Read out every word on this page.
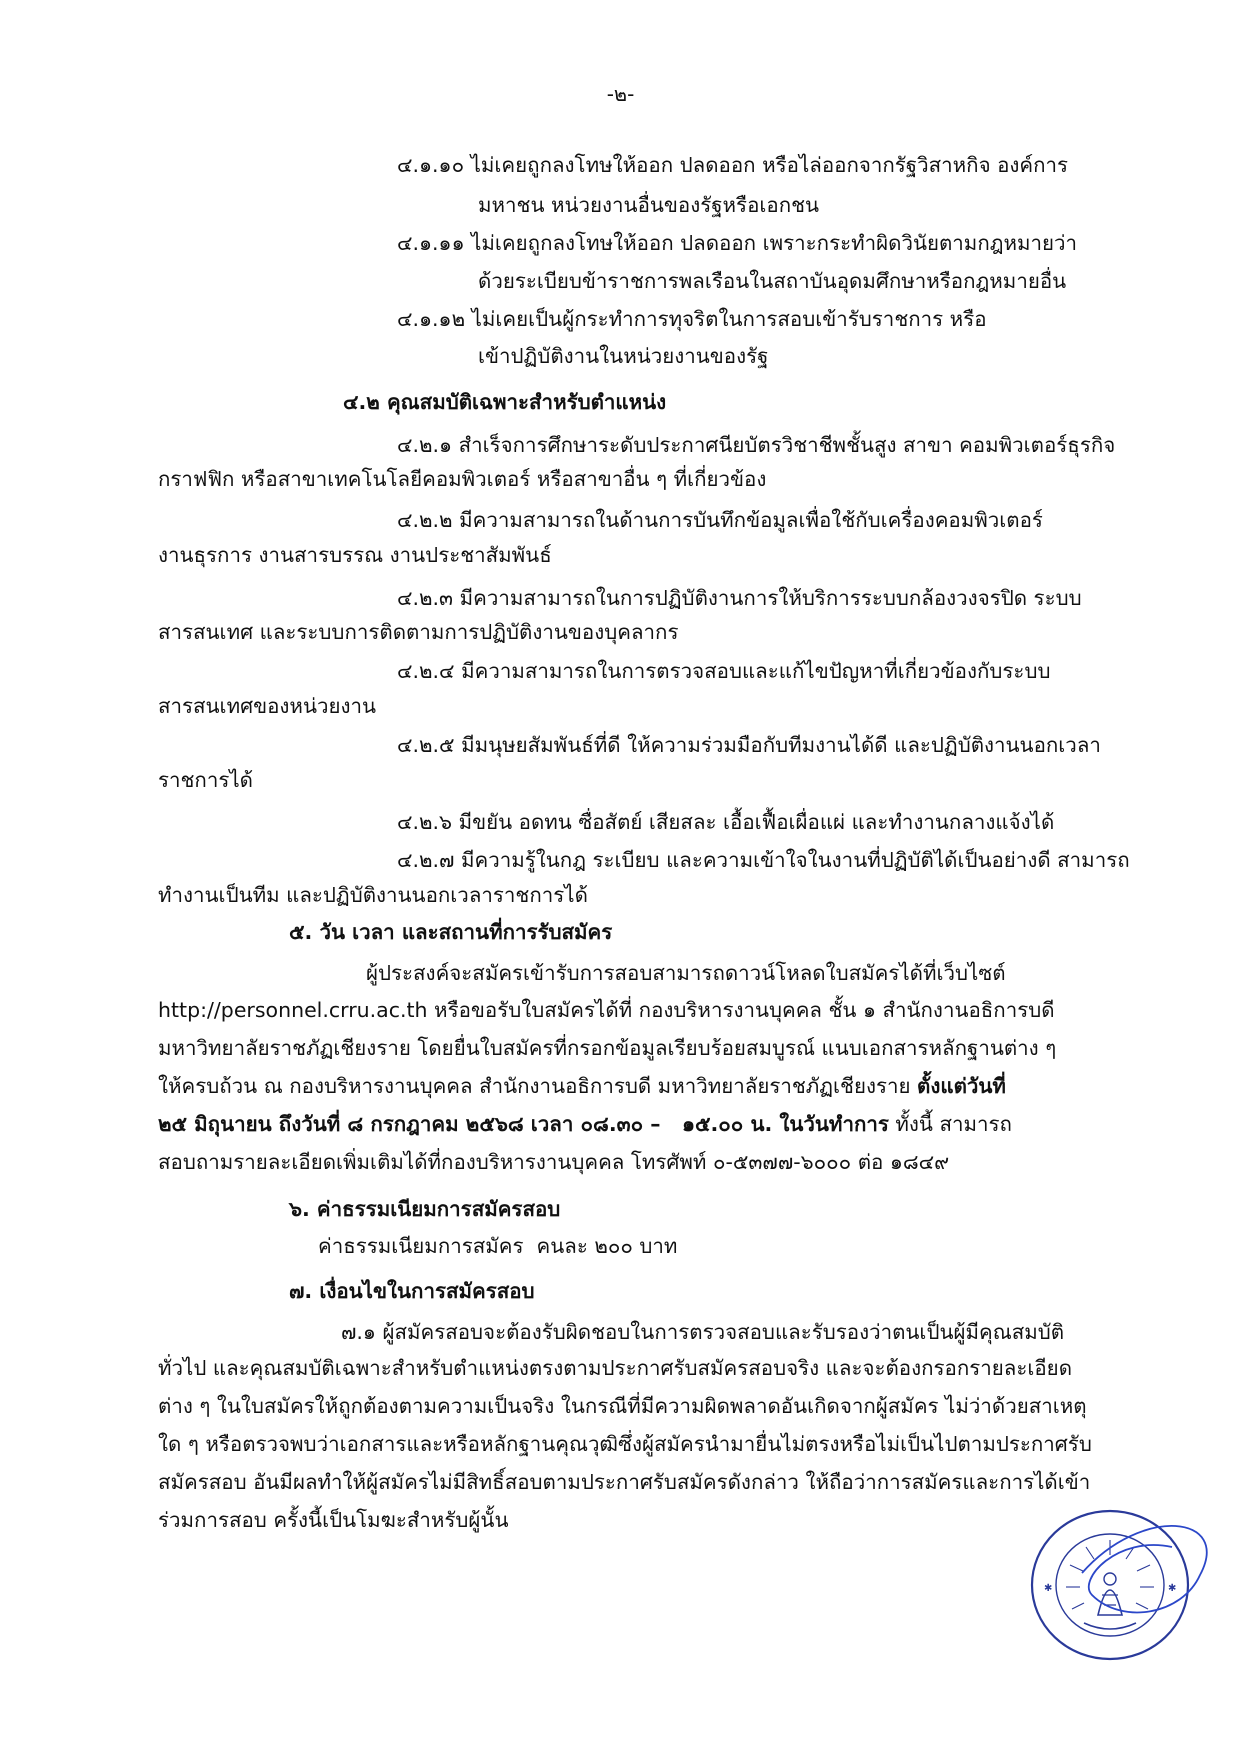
-๒-
๔.๑.๑๐ ไม่เคยถูกลงโทษให้ออก ปลดออก หรือไล่ออกจากรัฐวิสาหกิจ องค์การ
มหาชน หน่วยงานอื่นของรัฐหรือเอกชน
๔.๑.๑๑ ไม่เคยถูกลงโทษให้ออก ปลดออก เพราะกระทำผิดวินัยตามกฎหมายว่า
ด้วยระเบียบข้าราชการพลเรือนในสถาบันอุดมศึกษาหรือกฎหมายอื่น
๔.๑.๑๒ ไม่เคยเป็นผู้กระทำการทุจริตในการสอบเข้ารับราชการ หรือ
เข้าปฏิบัติงานในหน่วยงานของรัฐ
๔.๒ คุณสมบัติเฉพาะสำหรับตำแหน่ง
๔.๒.๑ สำเร็จการศึกษาระดับประกาศนียบัตรวิชาชีพชั้นสูง สาขา คอมพิวเตอร์ธุรกิจ
กราฟฟิก หรือสาขาเทคโนโลยีคอมพิวเตอร์ หรือสาขาอื่น ๆ ที่เกี่ยวข้อง
๔.๒.๒ มีความสามารถในด้านการบันทึกข้อมูลเพื่อใช้กับเครื่องคอมพิวเตอร์
งานธุรการ งานสารบรรณ งานประชาสัมพันธ์
๔.๒.๓ มีความสามารถในการปฏิบัติงานการให้บริการระบบกล้องวงจรปิด ระบบ
สารสนเทศ และระบบการติดตามการปฏิบัติงานของบุคลากร
๔.๒.๔ มีความสามารถในการตรวจสอบและแก้ไขปัญหาที่เกี่ยวข้องกับระบบ
สารสนเทศของหน่วยงาน
๔.๒.๕ มีมนุษยสัมพันธ์ที่ดี ให้ความร่วมมือกับทีมงานได้ดี และปฏิบัติงานนอกเวลา
ราชการได้
๔.๒.๖ มีขยัน อดทน ซื่อสัตย์ เสียสละ เอื้อเฟื้อเผื่อแผ่ และทำงานกลางแจ้งได้
๔.๒.๗ มีความรู้ในกฎ ระเบียบ และความเข้าใจในงานที่ปฏิบัติได้เป็นอย่างดี สามารถ
ทำงานเป็นทีม และปฏิบัติงานนอกเวลาราชการได้
๕. วัน เวลา และสถานที่การรับสมัคร
ผู้ประสงค์จะสมัครเข้ารับการสอบสามารถดาวน์โหลดใบสมัครได้ที่เว็บไซต์
http://personnel.crru.ac.th หรือขอรับใบสมัครได้ที่ กองบริหารงานบุคคล ชั้น ๑ สำนักงานอธิการบดี
มหาวิทยาลัยราชภัฏเชียงราย โดยยื่นใบสมัครที่กรอกข้อมูลเรียบร้อยสมบูรณ์ แนบเอกสารหลักฐานต่าง ๆ
ให้ครบถ้วน ณ กองบริหารงานบุคคล สำนักงานอธิการบดี มหาวิทยาลัยราชภัฏเชียงราย ตั้งแต่วันที่
๒๕ มิถุนายน ถึงวันที่ ๘ กรกฎาคม ๒๕๖๘ เวลา ๐๘.๓๐ –   ๑๕.๐๐ น. ในวันทำการ ทั้งนี้ สามารถ
สอบถามรายละเอียดเพิ่มเติมได้ที่กองบริหารงานบุคคล โทรศัพท์ ๐-๕๓๗๗-๖๐๐๐ ต่อ ๑๘๔๙
๖. ค่าธรรมเนียมการสมัครสอบ
ค่าธรรมเนียมการสมัคร  คนละ ๒๐๐ บาท
๗. เงื่อนไขในการสมัครสอบ
๗.๑ ผู้สมัครสอบจะต้องรับผิดชอบในการตรวจสอบและรับรองว่าตนเป็นผู้มีคุณสมบัติ
ทั่วไป และคุณสมบัติเฉพาะสำหรับตำแหน่งตรงตามประกาศรับสมัครสอบจริง และจะต้องกรอกรายละเอียด
ต่าง ๆ ในใบสมัครให้ถูกต้องตามความเป็นจริง ในกรณีที่มีความผิดพลาดอันเกิดจากผู้สมัคร ไม่ว่าด้วยสาเหตุ
ใด ๆ หรือตรวจพบว่าเอกสารและหรือหลักฐานคุณวุฒิซึ่งผู้สมัครนำมายื่นไม่ตรงหรือไม่เป็นไปตามประกาศรับ
สมัครสอบ อันมีผลทำให้ผู้สมัครไม่มีสิทธิ์สอบตามประกาศรับสมัครดังกล่าว ให้ถือว่าการสมัครและการได้เข้า
ร่วมการสอบ ครั้งนี้เป็นโมฆะสำหรับผู้นั้น
✱	✱
